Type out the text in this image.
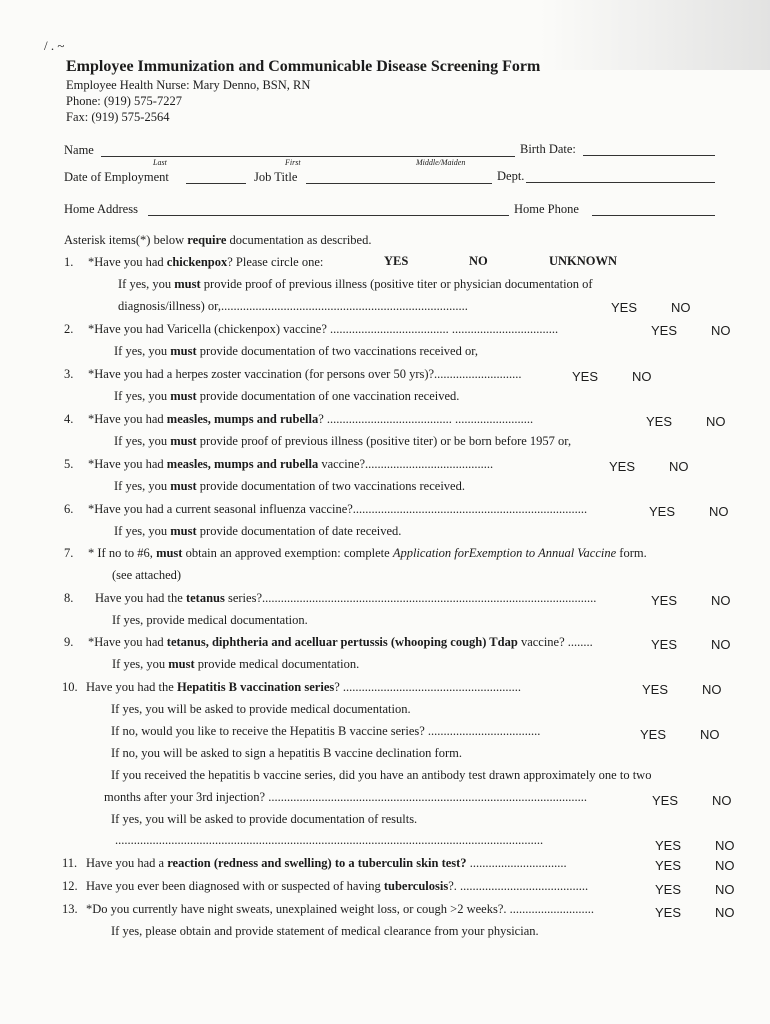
/ . ~
Employee Immunization and Communicable Disease Screening Form
Employee Health Nurse: Mary Denno, BSN, RN
Phone: (919) 575-7227
Fax: (919) 575-2564
Name	Birth Date:
Last	First	Middle/Maiden
Date of Employment	Job Title	Dept.
Home Address	Home Phone
Asterisk items(*) below require documentation as described.
1. *Have you had chickenpox? Please circle one:	YES	NO	UNKNOWN
If yes, you must provide proof of previous illness (positive titer or physician documentation of
diagnosis/illness) or,...............................................................................	YES	NO
2. *Have you had Varicella (chickenpox) vaccine? ...................................... ..................................	YES	NO
If yes, you must provide documentation of two vaccinations received or,
3. *Have you had a herpes zoster vaccination (for persons over 50 yrs)?............................	YES	NO
If yes, you must provide documentation of one vaccination received.
4. *Have you had measles, mumps and rubella? ........................................ .........................	YES	NO
If yes, you must provide proof of previous illness (positive titer) or be born before 1957 or,
5. *Have you had measles, mumps and rubella vaccine?.........................................	YES	NO
If yes, you must provide documentation of two vaccinations received.
6. *Have you had a current seasonal influenza vaccine?...........................................................................	YES	NO
If yes, you must provide documentation of date received.
7. * If no to #6, must obtain an approved exemption: complete Application forExemption to Annual Vaccine form.
(see attached)
8. Have you had the tetanus series?...........................................................................................................	YES	NO
If yes, provide medical documentation.
9. *Have you had tetanus, diphtheria and acelluar pertussis (whooping cough) Tdap vaccine? ........	YES	NO
If yes, you must provide medical documentation.
10. Have you had the Hepatitis B vaccination series? .........................................................	YES	NO
If yes, you will be asked to provide medical documentation.
If no, would you like to receive the Hepatitis B vaccine series? ....................................	YES	NO
If no, you will be asked to sign a hepatitis B vaccine declination form.
If you received the hepatitis b vaccine series, did you have an antibody test drawn approximately one to two
months after your 3rd injection? ......................................................................................................	YES	NO
If yes, you will be asked to provide documentation of results.
.........................................................................................................................................	YES	NO
11. Have you had a reaction (redness and swelling) to a tuberculin skin test? ...............................	YES	NO
12. Have you ever been diagnosed with or suspected of having tuberculosis?. .........................................	YES	NO
13. *Do you currently have night sweats, unexplained weight loss, or cough >2 weeks?. ...........................	YES	NO
If yes, please obtain and provide statement of medical clearance from your physician.
